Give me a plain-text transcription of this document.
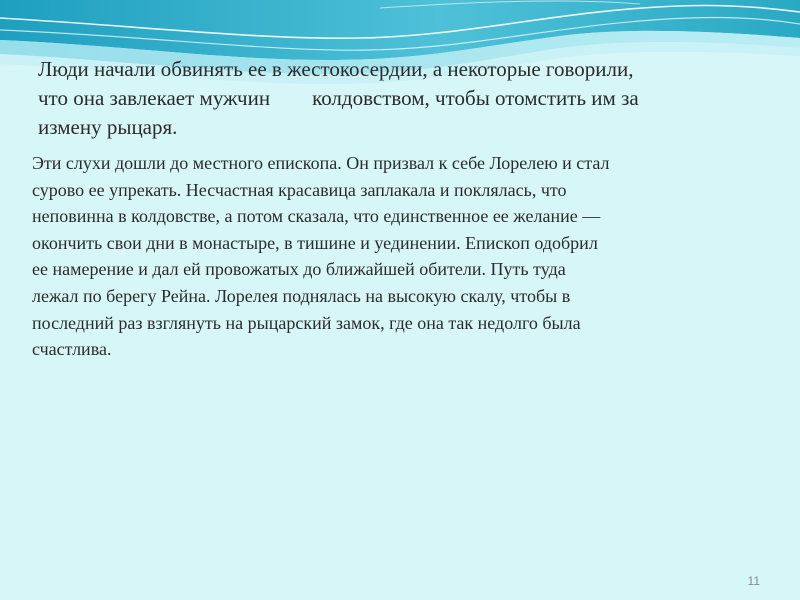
Люди начали обвинять ее в жестокосердии, а некоторые говорили,
что она завлекает мужчин        колдовством, чтобы отомстить им за
измену рыцаря.
Эти слухи дошли до местного епископа. Он призвал к себе Лорелею и стал
сурово ее упрекать. Несчастная красавица заплакала и поклялась, что
неповинна в колдовстве, а потом сказала, что единственное ее желание —
окончить свои дни в монастыре, в тишине и уединении. Епископ одобрил
ее намерение и дал ей провожатых до ближайшей обители. Путь туда
лежал по берегу Рейна. Лорелея поднялась на высокую скалу, чтобы в
последний раз взглянуть на рыцарский замок, где она так недолго была
счастлива.
11
